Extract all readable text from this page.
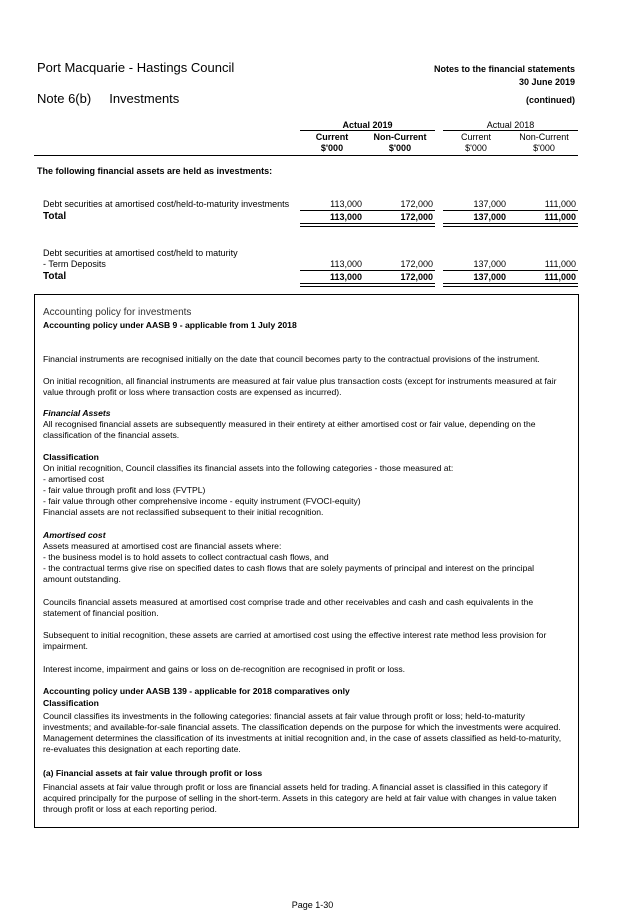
Port Macquarie - Hastings Council	Notes to the financial statements
30 June 2019
Note 6(b) Investments	(continued)
Actual 2019	Actual 2018
Current	Non-Current	Current	Non-Current
$'000	$'000	$'000	$'000
The following financial assets are held as investments:
Debt securities at amortised cost/held-to-maturity investments	113,000	172,000	137,000	111,000
Total	113,000	172,000	137,000	111,000
Debt securities at amortised cost/held to maturity
- Term Deposits	113,000	172,000	137,000	111,000
Total	113,000	172,000	137,000	111,000
Accounting policy for investments
Accounting policy under AASB 9 - applicable from 1 July 2018
Financial instruments are recognised initially on the date that council becomes party to the contractual provisions of the instrument.
On initial recognition, all financial instruments are measured at fair value plus transaction costs (except for instruments measured at fair value through profit or loss where transaction costs are expensed as incurred).
Financial Assets
All recognised financial assets are subsequently measured in their entirety at either amortised cost or fair value, depending on the classification of the financial assets.
Classification

On initial recognition, Council classifies its financial assets into the following categories - those measured at:

- amortised cost

- fair value through profit and loss (FVTPL)

- fair value through other comprehensive income - equity instrument (FVOCI-equity)

Financial assets are not reclassified subsequent to their initial recognition.

Amortised cost

Assets measured at amortised cost are financial assets where:

- the business model is to hold assets to collect contractual cash flows, and

- the contractual terms give rise on specified dates to cash flows that are solely payments of principal and interest on the principal amount outstanding.

Councils financial assets measured at amortised cost comprise trade and other receivables and cash and cash equivalents in the statement of financial position.
Subsequent to initial recognition, these assets are carried at amortised cost using the effective interest rate method less provision for impairment.
Interest income, impairment and gains or loss on de-recognition are recognised in profit or loss.
Accounting policy under AASB 139 - applicable for 2018 comparatives only
Classification
Council classifies its investments in the following categories: financial assets at fair value through profit or loss; held-to-maturity investments; and available-for-sale financial assets. The classification depends on the purpose for which the investments were acquired. Management determines the classification of its investments at initial recognition and, in the case of assets classified as held-to-maturity, re-evaluates this designation at each reporting date.
(a) Financial assets at fair value through profit or loss
Financial assets at fair value through profit or loss are financial assets held for trading. A financial asset is classified in this category if acquired principally for the purpose of selling in the short-term. Assets in this category are held at fair value with changes in value taken through profit or loss at each reporting period.
Page 1-30
